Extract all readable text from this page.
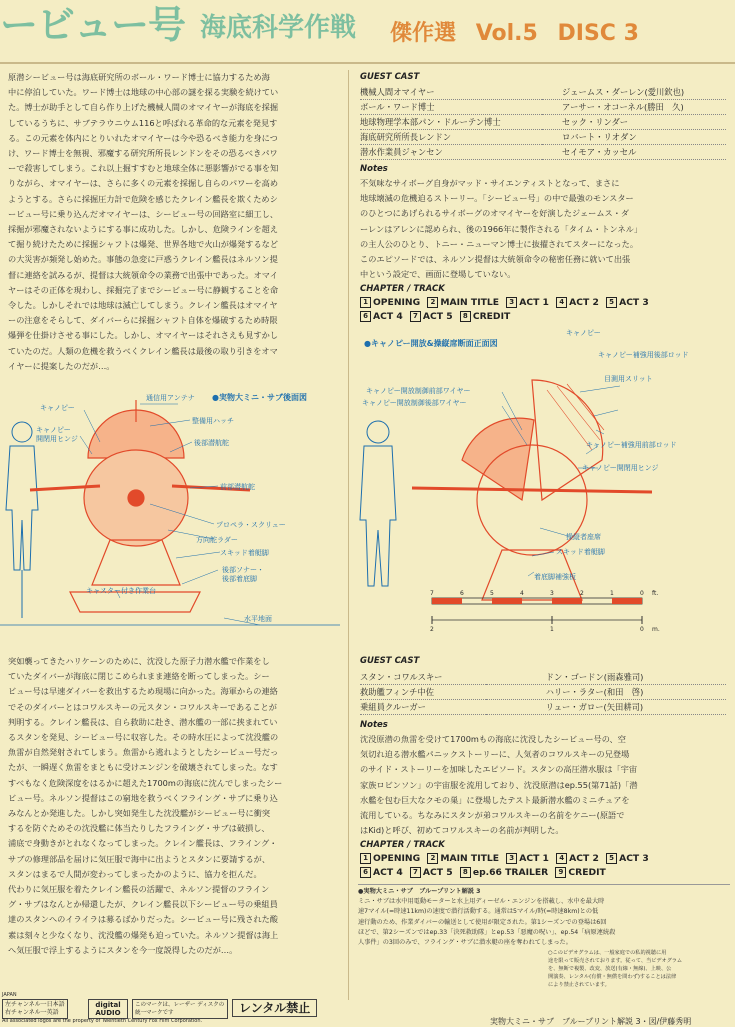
ービュー号 海底科学作戦 傑作選 Vol.5 DISC 3
原潜シービュー号は海底研究所のボール・ワード博士に協力するため海
中に停泊していた。ワード博士は地球の中心部の謎を探る実験を続けてい
た。博士が助手として自ら作り上げた機械人間のオマイヤーが海底を採掘
しているうちに、サブテラウニウム116と呼ばれる革命的な元素を発見す
る。この元素を体内にとりいれたオマイヤーは今や恐るべき能力を身につ
け、ワード博士を無視、邪魔する研究所所長レンドンをその恐るべきパワ
ーで殺害してしまう。これ以上掘すすむと地球全体に悪影響がでる事を知
りながら、オマイヤーは、さらに多くの元素を採掘し自らのパワーを高め
ようとする。さらに採掘圧力計で危険を感じたクレイン艦長を欺くためシ
ービュー号に乗り込んだオマイヤーは、シービュー号の回路室に細工し、
採掘が邪魔されないようにする事に成功した。しかし、危険ラインを超え
て掘り続けたために採掘シャフトは爆発、世界各地で火山が爆発するなど
の大災害が頻発し始めた。事態の急変に戸惑うクレイン艦長はネルソン提
督に連絡を試みるが、提督は大統領命令の業務で出張中であった。オマイ
ヤーはその正体を現わし、採掘完了までシービュー号に静観することを命
令した。しかしそれでは地球は滅亡してしまう。クレイン艦長はオマイヤ
ーの注意をそらして、ダイバーらに採掘シャフト自体を爆破するため時限
爆弾を仕掛けさせる事にした。しかし、オマイヤーはそれさえも見すかし
ていたのだ。人類の危機を救うべくクレイン艦長は最後の取り引きをオマ
イヤーに提案したのだが…。
●実物大ミニ・サブ後面図
キャノピー
キャノピー
開閉用ヒンジ
通信用アンテナ
整備用ハッチ
後部潜航舵
前部潜航舵
プロペラ・スクリュー
方向舵ラダー
スキッド着艇脚
後部ソナー・
後部着底脚
キャスター付き作業台
水平地面
突如襲ってきたハリケーンのために、沈没した原子力潜水艦で作業をし
ていたダイバーが海底に閉じこめられまま連絡を断ってしまった。シー
ビュー号は早速ダイバーを救出するため現場に向かった。海軍からの連絡
でそのダイバーとはコワルスキーの元スタン・コワルスキーであることが
判明する。クレイン艦長は、自ら救助に赴き、潜水艦の一部に挟まれてい
るスタンを発見、シービュー号に収容した。その時水圧によって沈没艦の
魚雷が自然発射されてしまう。魚雷から逃れようとしたシービュー号だっ
たが、一瞬遅く魚雷をまともに受けエンジンを破壊されてしまった。なす
すべもなく危険深度をはるかに超えた1700mの海底に沈んでしまったシー
ビュー号。ネルソン提督はこの窮地を救うべくフライング・サブに乗り込
みなんとか発進した。しかし突如発生した沈没艦がシービュー号に衝突
するを防ぐためその沈没艦に体当たりしたフライング・サブは破損し、
浦底で身動きがとれなくなってしまった。クレイン艦長は、フライング・
サブの修理部品を届けに気圧服で海中に出ようとスタンに要請するが、
スタンはまるで人間が変わってしまったかのように、協力を拒んだ。
代わりに気圧服を着たクレイン艦長の活躍で、ネルソン提督のフライン
グ・サブはなんとか帰還したが、クレイン艦長以下シービュー号の乗組員
達のスタンへのイライラは募るばかりだった。シービュー号に残された酸
素は刻々と少なくなり、沈没艦の爆発も迫っていた。ネルソン提督は海上
へ気圧服で浮上するようにスタンを今一度説得したのだが…。
GUEST CAST
機械人間オマイヤー	ジェームス・ダーレン(愛川欽也)
ボール・ワード博士	アーサー・オコーネル(勝田　久)
地球物理学本部パン・ドルーテン博士	セック・リンダー
海底研究所所長レンドン	ロバート・リオダン
潜水作業員ジャンセン	セイモア・カッセル
Notes
不気味なサイボーグ自身がマッド・サイエンティストとなって、まさに
地球壊滅の危機迫るストーリー。「シービュー号」の中で最強のモンスター
のひとつにあげられるサイボーグのオマイヤーを好演したジェームス・ダ
ーレンはアレンに認められ、後の1966年に製作される「タイム・トンネル」
の主人公のひとり、トニー・ニューマン博士に抜擢されてスターになった。
このエピソードでは、ネルソン提督は大統領命令の秘密任務に就いて出張
中という設定で、画面に登場していない。
CHAPTER / TRACK
1 OPENING 2 MAIN TITLE 3 ACT 1 4 ACT 2 5 ACT 3
6 ACT 4 7 ACT 5 8 CREDIT
●キャノピー開放&操縦席断面正面図
キャノピー
キャノピー補強用後部ロッド
キャノピー開放制御前部ワイヤー
目測用スリット
キャノピー開放制御後部ワイヤー
キャノピー補強用前部ロッド
キャノピー開閉用ヒンジ
操縦者座席
スキッド着艇脚
着底脚補強板
7	6	5	4	3	2	1	0 ft.
2	1	0 m.
GUEST CAST
スタン・コワルスキー	ドン・ゴードン(雨森雅司)
救助艦フィンチ中佐	ハリー・ラター(和田　啓)
乗組員クルーガー	リュー・ガロー(矢田耕司)
Notes
沈没原潜の魚雷を受けて1700mもの海底に沈没したシービュー号の、空
気切れ迫る潜水艦パニックストーリーに、人気者のコワルスキーの兄登場
のサイド・ストーリーを加味したエピソード。スタンの高圧潜水服は「宇宙
家族ロビンソン」の宇宙服を流用しており、沈没原潜はep.55(第71話)「潜
水艦を包む巨大なクモの巣」に登場したテスト最新潜水艦のミニチュアを
流用している。ちなみにスタンが弟コワルスキーの名前をケニー(原語で
はKid)と呼び、初めてコワルスキーの名前が判明した。
CHAPTER / TRACK
1 OPENING 2 MAIN TITLE 3 ACT 1 4 ACT 2 5 ACT 3
6 ACT 4 7 ACT 5 8 ep.66 TRAILER 9 CREDIT
●実物大ミニ・サブ　ブループリント解説 3
ミニ・サブは水中用電動モーターと水上用ディーゼル・エンジンを搭載し、水中を最大時
速7マイル(=時速11km)の速度で潜行活動する。通常は5マイル/時(=時速8km)との低
速行動のため、作業ダイバーの輸送として使用が限定された。第1シーズンでの登場は6回
ほどで、第2シーズンではep.33「決死救助隊」とep.53「悪魔の呪い」、ep.54「病原連続殺
人事件」の3回のみで、フライング・サブに潜水艇の座を奪われてしまった。
○このビデオグラムは、一般家庭での私的視聴に用
途を限って販売されております。従って、当ビデオグラム
を、無断で複製、改変、放送(有線・無線)、上映、公
開演奏、レンタル(有償・無償を問わず)することは法律
により禁止されています。
JAPAN
左チャンネル一日本語
右チャンネル一英語
digital AUDIO
このマークは、レーザー ディスクの統一マークです	レンタル禁止
All associated logos are the property of Twentieth Century Fox Film Corporation.	実物大ミニ・サブ　ブループリント解説 3・図/伊藤秀明
